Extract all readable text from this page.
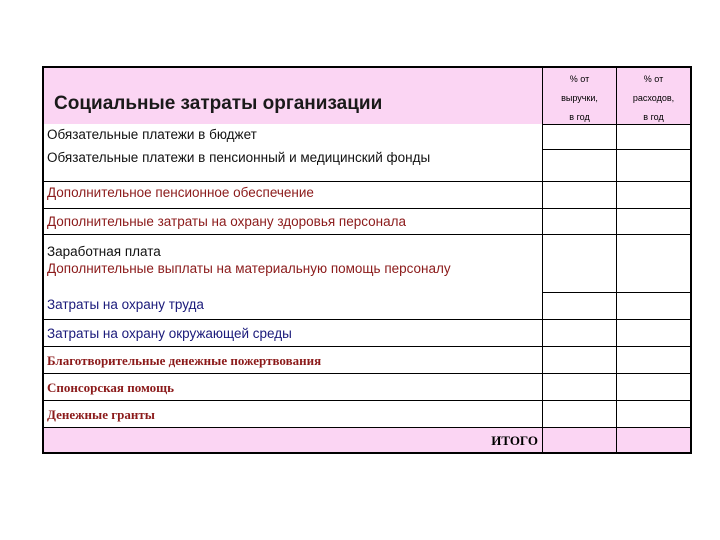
Социальные затраты организации
% от
выручки,
в год
% от
расходов,
в год
Обязательные платежи в бюджет
Обязательные платежи в пенсионный и медицинский фонды
Дополнительное пенсионное обеспечение
Дополнительные затраты на охрану здоровья персонала
Заработная плата
Дополнительные выплаты на материальную помощь персоналу
Затраты на охрану труда
Затраты на охрану окружающей среды
Благотворительные денежные пожертвования
Спонсорская помощь
Денежные гранты
ИТОГО
